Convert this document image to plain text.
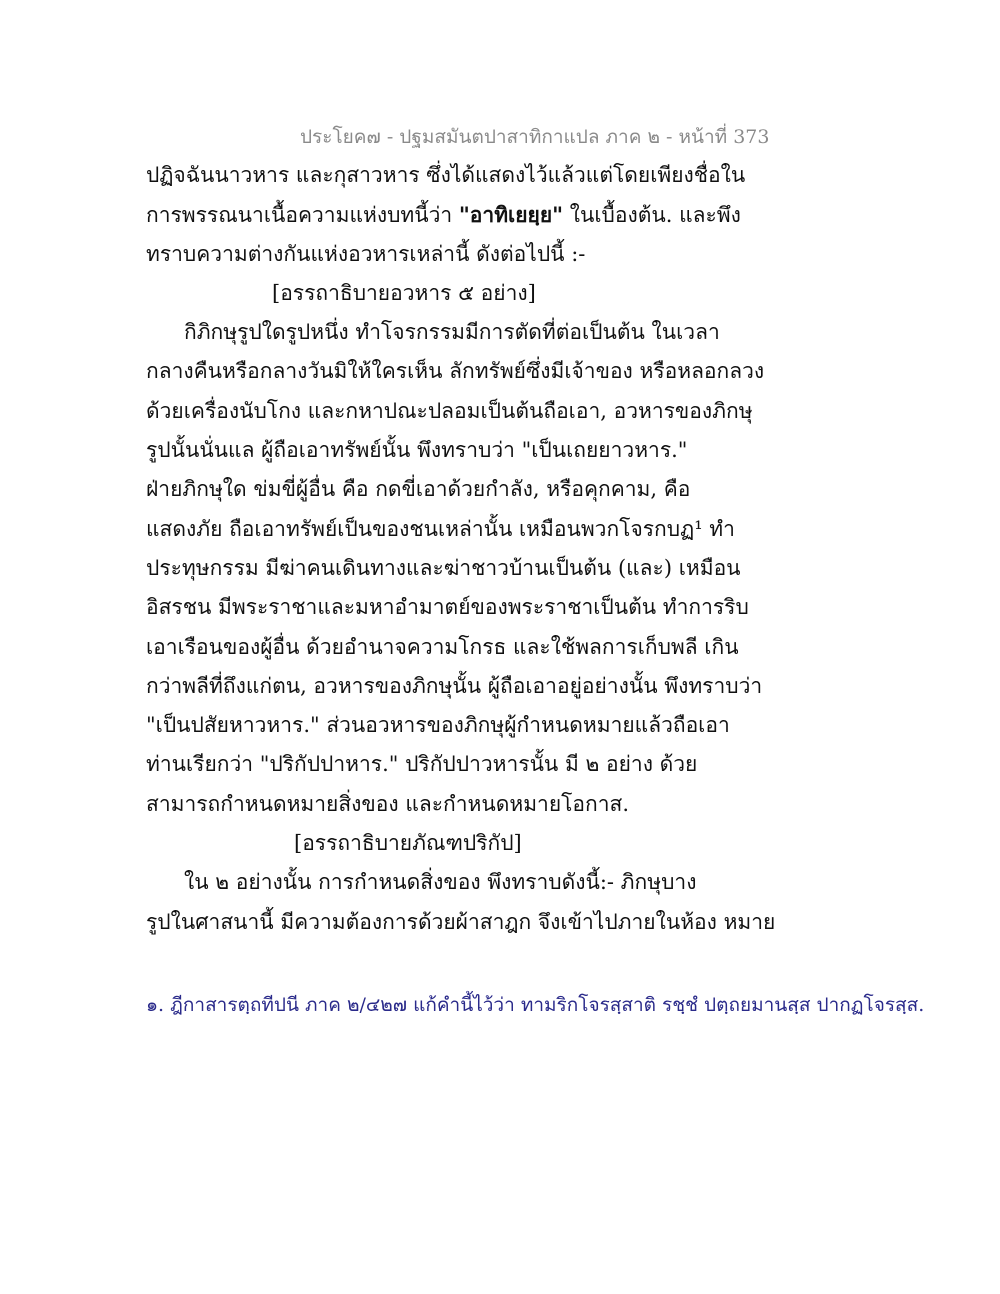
ประโยค๗ - ปฐมสมันตปาสาทิกาแปล ภาค ๒ - หน้าที่ 373
ปฏิจฉันนาวหาร และกุสาวหาร ซึ่งได้แสดงไว้แล้วแต่โดยเพียงชื่อใน
การพรรณนาเนื้อความแห่งบทนี้ว่า "อาทิเยยฺย" ในเบื้องต้น. และพึง
ทราบความต่างกันแห่งอวหารเหล่านี้ ดังต่อไปนี้ :-
[อรรถาธิบายอวหาร ๕ อย่าง]
กิภิกษุรูปใดรูปหนึ่ง ทำโจรกรรมมีการตัดที่ต่อเป็นต้น ในเวลา
กลางคืนหรือกลางวันมิให้ใครเห็น ลักทรัพย์ซึ่งมีเจ้าของ หรือหลอกลวง
ด้วยเครื่องนับโกง และกหาปณะปลอมเป็นต้นถือเอา, อวหารของภิกษุ
รูปนั้นนั่นแล ผู้ถือเอาทรัพย์นั้น พึงทราบว่า "เป็นเถยยาวหาร."
ฝ่ายภิกษุใด ข่มขี่ผู้อื่น คือ กดขี่เอาด้วยกำลัง, หรือคุกคาม, คือ
แสดงภัย ถือเอาทรัพย์เป็นของชนเหล่านั้น เหมือนพวกโจรกบฏ¹ ทำ
ประทุษกรรม มีฆ่าคนเดินทางและฆ่าชาวบ้านเป็นต้น (และ) เหมือน
อิสรชน มีพระราชาและมหาอำมาตย์ของพระราชาเป็นต้น ทำการริบ
เอาเรือนของผู้อื่น ด้วยอำนาจความโกรธ และใช้พลการเก็บพลี เกิน
กว่าพลีที่ถึงแก่ตน, อวหารของภิกษุนั้น ผู้ถือเอาอยู่อย่างนั้น พึงทราบว่า
"เป็นปสัยหาวหาร." ส่วนอวหารของภิกษุผู้กำหนดหมายแล้วถือเอา
ท่านเรียกว่า "ปริกัปปาหาร." ปริกัปปาวหารนั้น มี ๒ อย่าง ด้วย
สามารถกำหนดหมายสิ่งของ และกำหนดหมายโอกาส.
[อรรถาธิบายภัณฑปริกัป]
ใน ๒ อย่างนั้น การกำหนดสิ่งของ พึงทราบดังนี้:- ภิกษุบาง
รูปในศาสนานี้ มีความต้องการด้วยผ้าสาฎก จึงเข้าไปภายในห้อง หมาย
๑. ฎีกาสารตฺถทีปนี ภาค ๒/๔๒๗ แก้คำนี้ไว้ว่า ทามริกโจรสฺสาติ รชฺชํ ปตฺถยมานสฺส ปากฏโจรสฺส.
